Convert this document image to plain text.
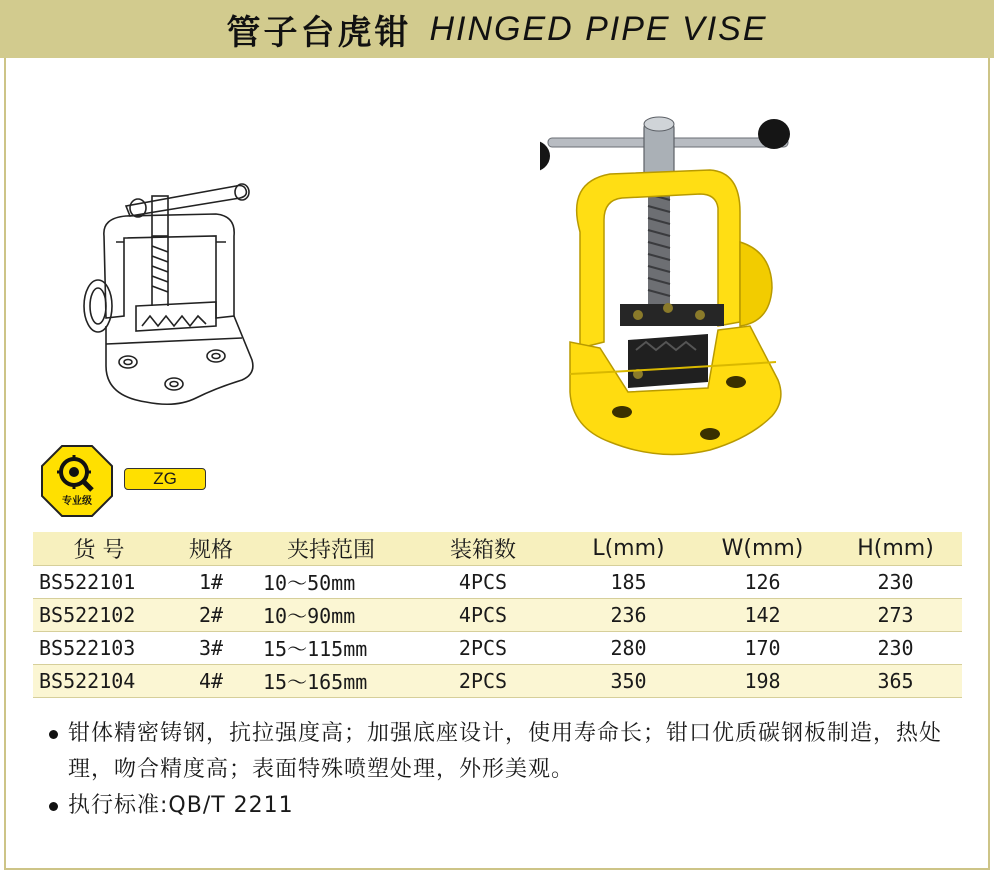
管子台虎钳 HINGED PIPE VISE
专业级
ZG
货 号	规格	夹持范围	装箱数	L(mm)	W(mm)	H(mm)
BS522101	1#	10～50mm	4PCS	185	126	230
BS522102	2#	10～90mm	4PCS	236	142	273
BS522103	3#	15～115mm	2PCS	280	170	230
BS522104	4#	15～165mm	2PCS	350	198	365
钳体精密铸钢，抗拉强度高；加强底座设计，使用寿命长；钳口优质碳钢板制造，热处理，吻合精度高；表面特殊喷塑处理，外形美观。
执行标准:QB/T 2211
